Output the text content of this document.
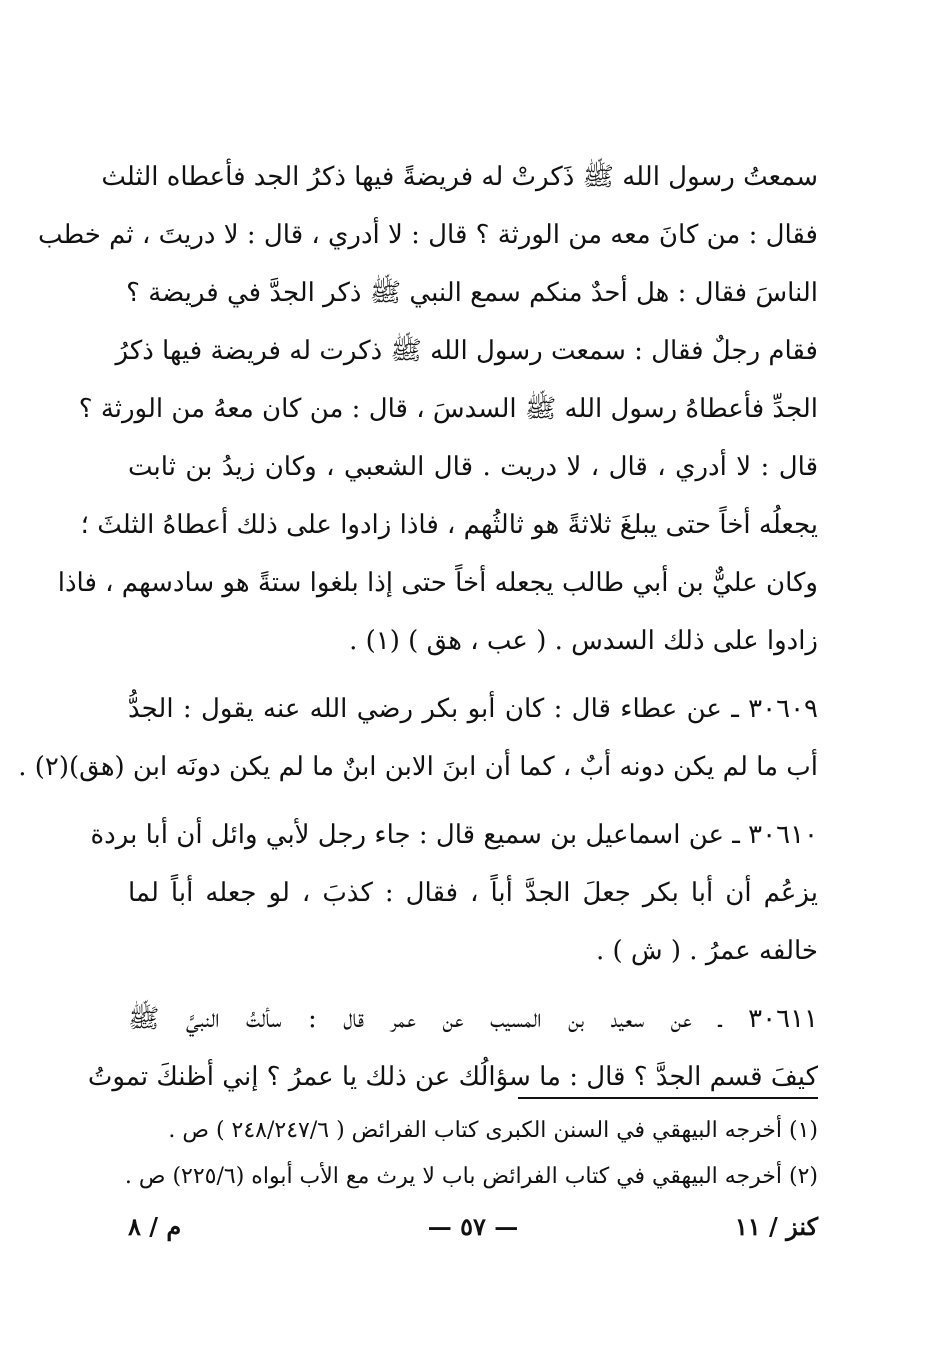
سمعتُ رسول الله ﷺ ذَكرتْ له فريضةً فيها ذكرُ الجد فأعطاه الثلث
فقال : من كانَ معه من الورثة ؟ قال : لا أدري ، قال : لا دريتَ ، ثم خطب
الناسَ فقال : هل أحدٌ منكم سمع النبي ﷺ ذكر الجدَّ في فريضة ؟
فقام رجلٌ فقال : سمعت رسول الله ﷺ ذكرت له فريضة فيها ذكرُ
الجدِّ فأعطاهُ رسول الله ﷺ السدسَ ، قال : من كان معهُ من الورثة ؟
قال : لا أدري ، قال ، لا دريت . قال الشعبي ، وكان زيدُ بن ثابت
يجعلُه أخاً حتى يبلغَ ثلاثةً هو ثالثُهم ، فاذا زادوا على ذلك أعطاهُ الثلثَ ؛
وكان عليٌّ بن أبي طالب يجعله أخاً حتى إذا بلغوا ستةً هو سادسهم ، فاذا
زادوا على ذلك السدس . ( عب ، هق ) (١) .
٣٠٦٠٩ ـ عن عطاء قال : كان أبو بكر رضي الله عنه يقول : الجدُّ
أب ما لم يكن دونه أبٌ ، كما أن ابنَ الابن ابنٌ ما لم يكن دونَه ابن (هق)(٢) .
٣٠٦١٠ ـ عن اسماعيل بن سميع قال : جاء رجل لأبي وائل أن أبا بردة
يزعُم أن أبا بكر جعلَ الجدَّ أباً ، فقال : كذبَ ، لو جعله أباً لما
خالفه عمرُ . ( ش ) .
٣٠٦١١ ـ عن سعيد بن المسيب عن عمر قال : سألتُ النبيَّ ﷺ
كيفَ قسم الجدَّ ؟ قال : ما سؤالُك عن ذلك يا عمرُ ؟ إني أظنكَ تموتُ
(١) أخرجه البيهقي في السنن الكبرى كتاب الفرائض ( ٢٤٨/٢٤٧/٦ ) ص .
(٢) أخرجه البيهقي في كتاب الفرائض باب لا يرث مع الأب أبواه (٢٢٥/٦) ص .
كنز / ١١
— ٥٧ —
م / ٨
